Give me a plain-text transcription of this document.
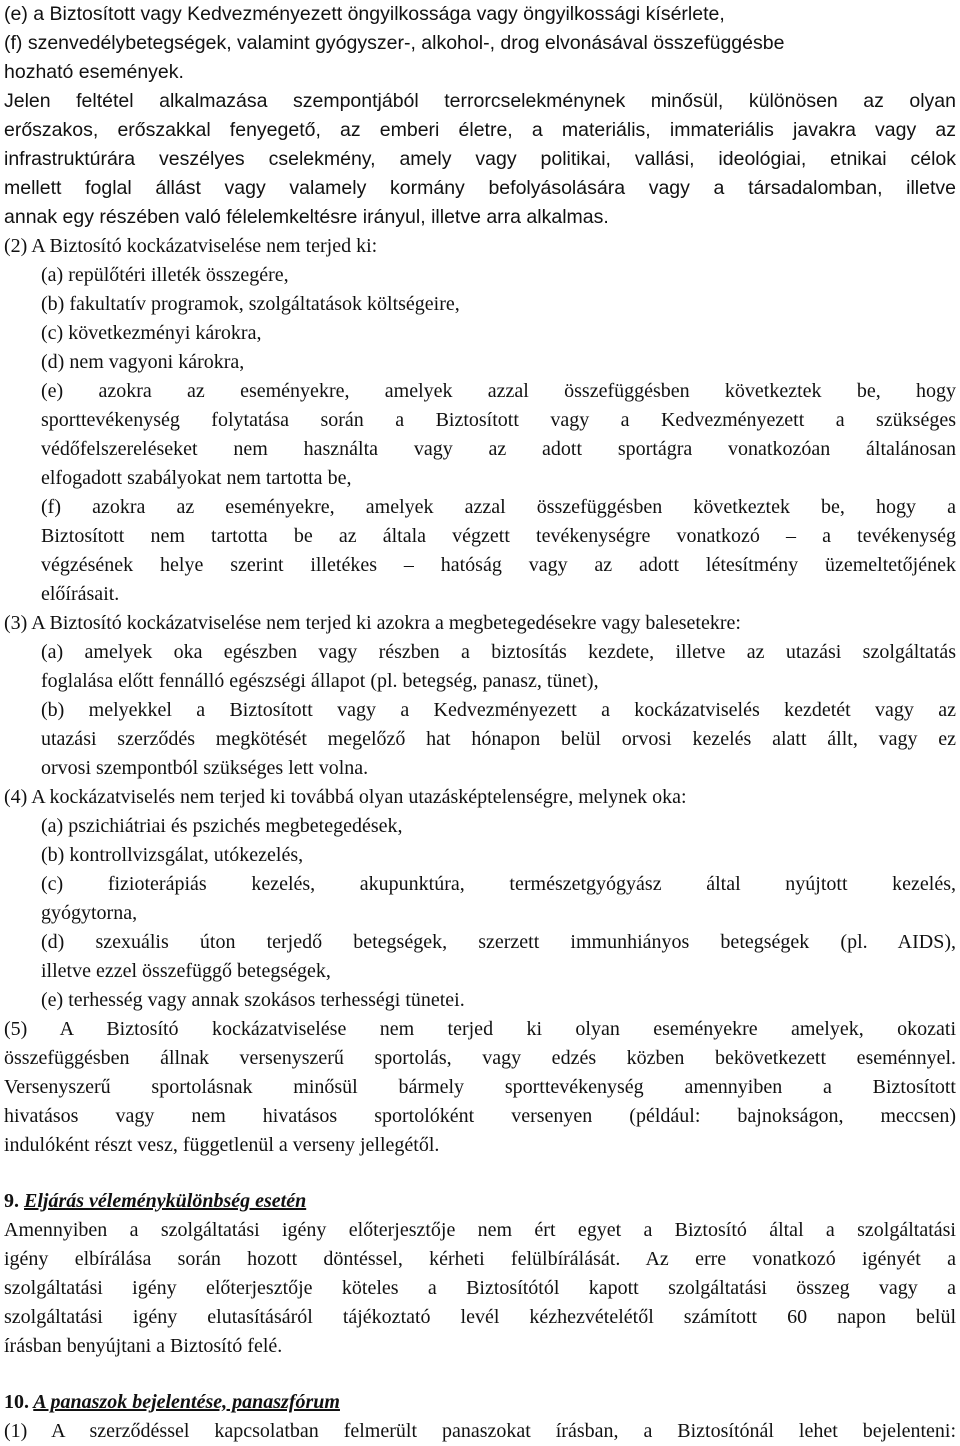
(e) a Biztosított vagy Kedvezményezett öngyilkossága vagy öngyilkossági kísérlete,
(f) szenvedélybetegségek, valamint gyógyszer-, alkohol-, drog elvonásával összefüggésbe
hozható események.
Jelen feltétel alkalmazása szempontjából terrorcselekménynek minősül, különösen az olyan
erőszakos, erőszakkal fenyegető, az emberi életre, a materiális, immateriális javakra vagy az
infrastruktúrára veszélyes cselekmény, amely vagy politikai, vallási, ideológiai, etnikai célok
mellett foglal állást vagy valamely kormány befolyásolására vagy a társadalomban, illetve
annak egy részében való félelemkeltésre irányul, illetve arra alkalmas.
(2) A Biztosító kockázatviselése nem terjed ki:
(a) repülőtéri illeték összegére,
(b) fakultatív programok, szolgáltatások költségeire,
(c) következményi károkra,
(d) nem vagyoni károkra,
(e) azokra az eseményekre, amelyek azzal összefüggésben következtek be, hogy
sporttevékenység folytatása során a Biztosított vagy a Kedvezményezett a szükséges
védőfelszereléseket nem használta vagy az adott sportágra vonatkozóan általánosan
elfogadott szabályokat nem tartotta be,
(f) azokra az eseményekre, amelyek azzal összefüggésben következtek be, hogy a
Biztosított nem tartotta be az általa végzett tevékenységre vonatkozó – a tevékenység
végzésének helye szerint illetékes – hatóság vagy az adott létesítmény üzemeltetőjének
előírásait.
(3) A Biztosító kockázatviselése nem terjed ki azokra a megbetegedésekre vagy balesetekre:
(a) amelyek oka egészben vagy részben a biztosítás kezdete, illetve az utazási szolgáltatás
foglalása előtt fennálló egészségi állapot (pl. betegség, panasz, tünet),
(b) melyekkel a Biztosított vagy a Kedvezményezett a kockázatviselés kezdetét vagy az
utazási szerződés megkötését megelőző hat hónapon belül orvosi kezelés alatt állt, vagy ez
orvosi szempontból szükséges lett volna.
(4) A kockázatviselés nem terjed ki továbbá olyan utazásképtelenségre, melynek oka:
(a) pszichiátriai és pszichés megbetegedések,
(b) kontrollvizsgálat, utókezelés,
(c) fizioterápiás kezelés, akupunktúra, természetgyógyász által nyújtott kezelés,
gyógytorna,
(d) szexuális úton terjedő betegségek, szerzett immunhiányos betegségek (pl. AIDS),
illetve ezzel összefüggő betegségek,
(e) terhesség vagy annak szokásos terhességi tünetei.
(5) A Biztosító kockázatviselése nem terjed ki olyan eseményekre amelyek, okozati
összefüggésben állnak versenyszerű sportolás, vagy edzés közben bekövetkezett eseménnyel.
Versenyszerű sportolásnak minősül bármely sporttevékenység amennyiben a Biztosított
hivatásos vagy nem hivatásos sportolóként versenyen (például: bajnokságon, meccsen)
indulóként részt vesz, függetlenül a verseny jellegétől.
9. Eljárás véleménykülönbség esetén
Amennyiben a szolgáltatási igény előterjesztője nem ért egyet a Biztosító által a szolgáltatási
igény elbírálása során hozott döntéssel, kérheti felülbírálását. Az erre vonatkozó igényét a
szolgáltatási igény előterjesztője köteles a Biztosítótól kapott szolgáltatási összeg vagy a
szolgáltatási igény elutasításáról tájékoztató levél kézhezvételétől számított 60 napon belül
írásban benyújtani a Biztosító felé.
10. A panaszok bejelentése, panaszfórum
(1) A szerződéssel kapcsolatban felmerült panaszokat írásban, a Biztosítónál lehet bejelenteni:
